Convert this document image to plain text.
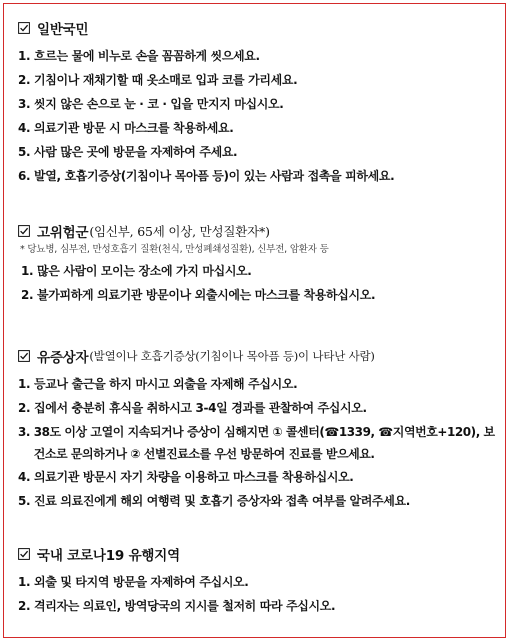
일반국민
1.
흐르는 물에 비누로 손을 꼼꼼하게 씻으세요.
2.
기침이나 재채기할 때 옷소매로 입과 코를 가리세요.
3.
씻지 않은 손으로 눈 · 코 · 입을 만지지 마십시오.
4.
의료기관 방문 시 마스크를 착용하세요.
5.
사람 많은 곳에 방문을 자제하여 주세요.
6.
발열, 호흡기증상(기침이나 목아픔 등)이 있는 사람과 접촉을 피하세요.
고위험군 (임신부, 65세 이상, 만성질환자*)
* 당뇨병, 심부전, 만성호흡기 질환(천식, 만성폐쇄성질환), 신부전, 암환자 등
1.
많은 사람이 모이는 장소에 가지 마십시오.
2.
불가피하게 의료기관 방문이나 외출시에는 마스크를 착용하십시오.
유증상자 (발열이나 호흡기증상(기침이나 목아픔 등)이 나타난 사람)
1.
등교나 출근을 하지 마시고 외출을 자제해 주십시오.
2.
집에서 충분히 휴식을 취하시고 3-4일 경과를 관찰하여 주십시오.
3.
38도 이상 고열이 지속되거나 증상이 심해지면 ① 콜센터(☎1339, ☎지역번호+120), 보건소로 문의하거나 ② 선별진료소를 우선 방문하여 진료를 받으세요.
4.
의료기관 방문시 자기 차량을 이용하고 마스크를 착용하십시오.
5.
진료 의료진에게 해외 여행력 및 호흡기 증상자와 접촉 여부를 알려주세요.
국내 코로나19 유행지역
1.
외출 및 타지역 방문을 자제하여 주십시오.
2.
격리자는 의료인, 방역당국의 지시를 철저히 따라 주십시오.
